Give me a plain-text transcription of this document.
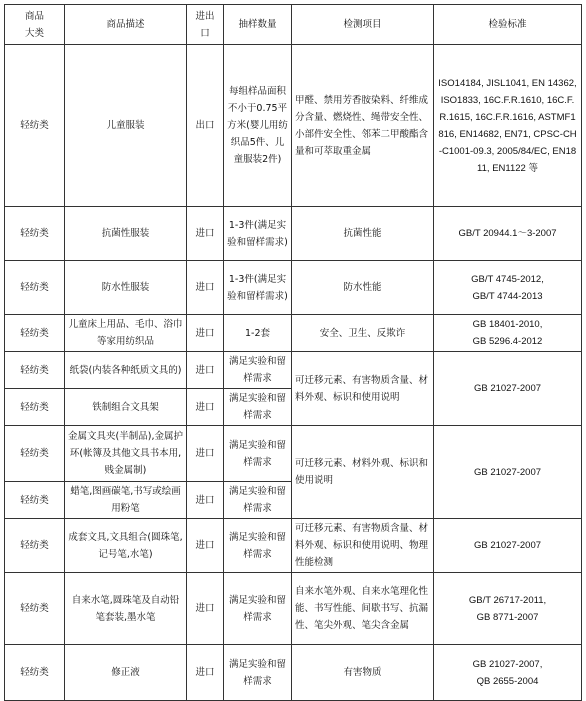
商品
大类	商品描述	进出
口	抽样数量	检测项目	检验标准
轻纺类	儿童服装	出口	每组样品面积不小于0.75平方米(婴儿用纺织品5件、儿童服装2件)	甲醛、禁用芳香胺染料、纤维成分含量、燃烧性、绳带安全性、小部件安全性、邻苯二甲酸酯含量和可萃取重金属	ISO14184, JISL1041, EN 14362, ISO1833, 16C.F.R.1610, 16C.F.R.1615, 16C.F.R.1616, ASTMF1816, EN14682, EN71, CPSC-CH-C1001-09.3, 2005/84/EC, EN1811, EN1122 等
轻纺类	抗菌性服装	进口	1-3件(满足实验和留样需求)	抗菌性能	GB/T 20944.1～3-2007
轻纺类	防水性服装	进口	1-3件(满足实验和留样需求)	防水性能	GB/T 4745-2012,
GB/T 4744-2013
轻纺类	儿童床上用品、毛巾、浴巾等家用纺织品	进口	1-2套	安全、卫生、反欺诈	GB 18401-2010,
GB 5296.4-2012
轻纺类	纸袋(内装各种纸质文具的)	进口	满足实验和留样需求	可迁移元素、有害物质含量、材料外观、标识和使用说明	GB 21027-2007
轻纺类	铁制组合文具架	进口	满足实验和留样需求		
轻纺类	金属文具夹(半制品),金属护环(帐簿及其他文具书本用,贱金属制)	进口	满足实验和留样需求	可迁移元素、材料外观、标识和使用说明	GB 21027-2007
轻纺类	蜡笔,图画碳笔,书写或绘画用粉笔	进口	满足实验和留样需求		
轻纺类	成套文具,文具组合(圆珠笔,记号笔,水笔)	进口	满足实验和留样需求	可迁移元素、有害物质含量、材料外观、标识和使用说明、物理性能检测	GB 21027-2007
轻纺类	自来水笔,圆珠笔及自动铅笔套装,墨水笔	进口	满足实验和留样需求	自来水笔外观、自来水笔理化性能、书写性能、间歇书写、抗漏性、笔尖外观、笔尖含金属	GB/T 26717-2011,
GB 8771-2007
轻纺类	修正液	进口	满足实验和留样需求	有害物质	GB 21027-2007,
QB 2655-2004
